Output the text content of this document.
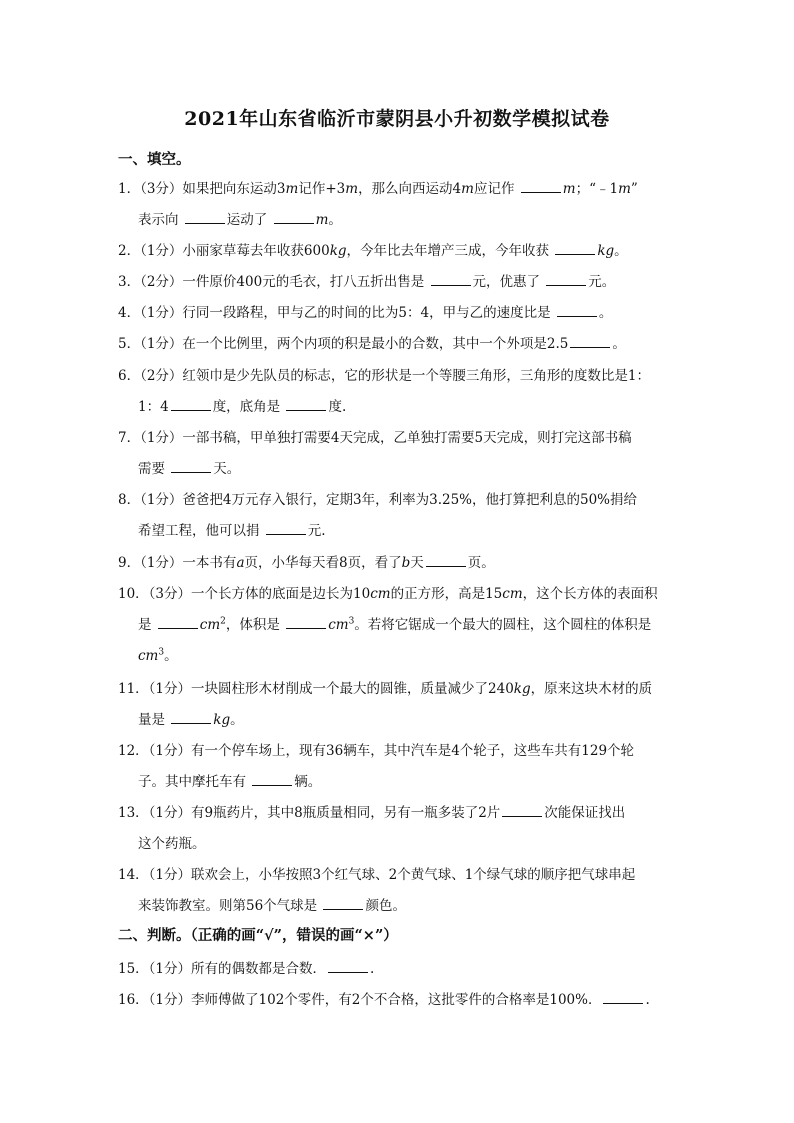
2021年山东省临沂市蒙阴县小升初数学模拟试卷
一、填空。
1．（3分）如果把向东运动3m记作+3m，那么向西运动4m应记作	m；“﹣1m”
表示向	运动了	m。
2．（1分）小丽家草莓去年收获600kg，今年比去年增产三成，今年收获	kg。
3．（2分）一件原价400元的毛衣，打八五折出售是	元，优惠了	元。
4．（1分）行同一段路程，甲与乙的时间的比为5：4，甲与乙的速度比是	。
5．（1分）在一个比例里，两个内项的积是最小的合数，其中一个外项是2.5	。
6．（2分）红领巾是少先队员的标志，它的形状是一个等腰三角形，三角形的度数比是1：
1：4	度，底角是	度.
7．（1分）一部书稿，甲单独打需要4天完成，乙单独打需要5天完成，则打完这部书稿
需要	天。
8．（1分）爸爸把4万元存入银行，定期3年，利率为3.25%，他打算把利息的50%捐给
希望工程，他可以捐	元.
9．（1分）一本书有a页，小华每天看8页，看了b天	页。
10．（3分）一个长方体的底面是边长为10cm的正方形，高是15cm，这个长方体的表面积
是	$cm^2$，体积是	$cm^3$。若将它锯成一个最大的圆柱，这个圆柱的体积是
$cm^3$。
11．（1分）一块圆柱形木材削成一个最大的圆锥，质量减少了240kg，原来这块木材的质
量是	kg。
12．（1分）有一个停车场上，现有36辆车，其中汽车是4个轮子，这些车共有129个轮
子。其中摩托车有	辆。
13．（1分）有9瓶药片，其中8瓶质量相同，另有一瓶多装了2片	次能保证找出
这个药瓶。
14．（1分）联欢会上，小华按照3个红气球、2个黄气球、1个绿气球的顺序把气球串起
来装饰教室。则第56个气球是	颜色。
二、判断。（正确的画“√”，错误的画“×”）
15．（1分）所有的偶数都是合数．	.
16．（1分）李师傅做了102个零件，有2个不合格，这批零件的合格率是100%．	.
